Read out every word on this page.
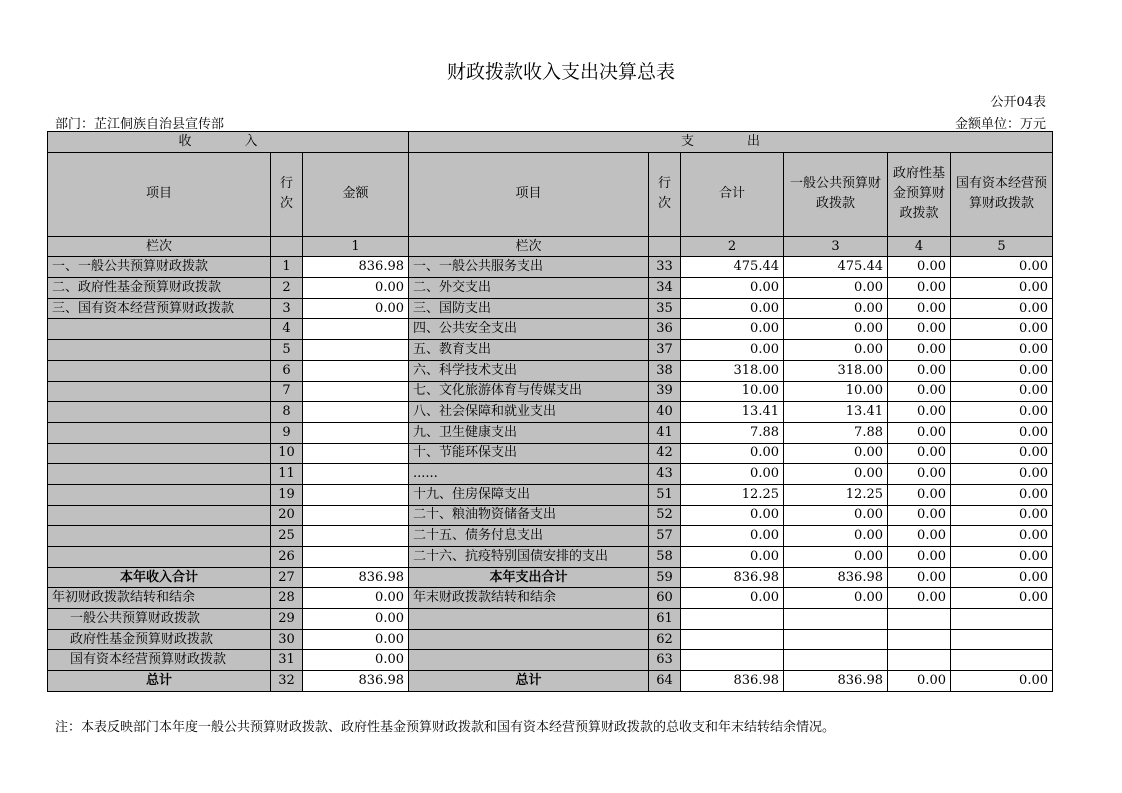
财政拨款收入支出决算总表
公开04表
部门：芷江侗族自治县宣传部	金额单位：万元
收　入			支　出					
项目	行次	金额	项目	行次	合计	一般公共预算财政拨款	政府性基金预算财政拨款	国有资本经营预算财政拨款
栏次		1	栏次		2	3	4	5
一、一般公共预算财政拨款	1	836.98	一、一般公共服务支出	33	475.44	475.44	0.00	0.00
二、政府性基金预算财政拨款	2	0.00	二、外交支出	34	0.00	0.00	0.00	0.00
三、国有资本经营预算财政拨款	3	0.00	三、国防支出	35	0.00	0.00	0.00	0.00
	4		四、公共安全支出	36	0.00	0.00	0.00	0.00
	5		五、教育支出	37	0.00	0.00	0.00	0.00
	6		六、科学技术支出	38	318.00	318.00	0.00	0.00
	7		七、文化旅游体育与传媒支出	39	10.00	10.00	0.00	0.00
	8		八、社会保障和就业支出	40	13.41	13.41	0.00	0.00
	9		九、卫生健康支出	41	7.88	7.88	0.00	0.00
	10		十、节能环保支出	42	0.00	0.00	0.00	0.00
	11		......	43	0.00	0.00	0.00	0.00
	19		十九、住房保障支出	51	12.25	12.25	0.00	0.00
	20		二十、粮油物资储备支出	52	0.00	0.00	0.00	0.00
	25		二十五、债务付息支出	57	0.00	0.00	0.00	0.00
	26		二十六、抗疫特别国债安排的支出	58	0.00	0.00	0.00	0.00
本年收入合计	27	836.98	本年支出合计	59	836.98	836.98	0.00	0.00
年初财政拨款结转和结余	28	0.00	年末财政拨款结转和结余	60	0.00	0.00	0.00	0.00
一般公共预算财政拨款	29	0.00		61				
政府性基金预算财政拨款	30	0.00		62				
国有资本经营预算财政拨款	31	0.00		63				
总计	32	836.98	总计	64	836.98	836.98	0.00	0.00
注：本表反映部门本年度一般公共预算财政拨款、政府性基金预算财政拨款和国有资本经营预算财政拨款的总收支和年末结转结余情况。
